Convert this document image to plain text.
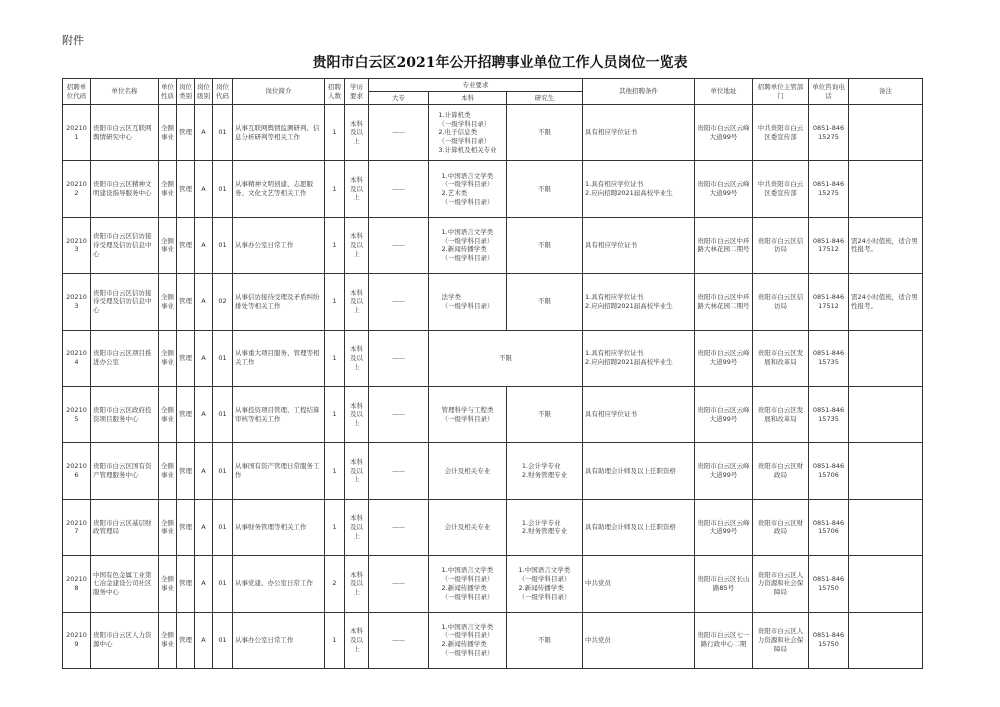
附件
贵阳市白云区2021年公开招聘事业单位工作人员岗位一览表
招聘单位代码	单位名称	单位性质	岗位类别	岗位级别	岗位代码	岗位简介	招聘人数	学历要求	专业要求			其他招聘条件	单位地址	招聘单位主管部门	单位咨询电话	备注
									大专	本科	研究生					
202101	贵阳市白云区互联网舆情研究中心	全额事业	管理	A	01	从事互联网舆情监测研判、信息分析研判等相关工作	1	本科及以上	——	1.计算机类
（一级学科目录）
2.电子信息类
（一级学科目录）
3.计算机及相关专业	不限	具有相应学位证书	贵阳市白云区云峰大道99号	中共贵阳市白云区委宣传部	0851-84615275	
202102	贵阳市白云区精神文明建设指导服务中心	全额事业	管理	A	01	从事精神文明创建、志愿服务、文化文艺等相关工作	1	本科及以上	——	1.中国语言文学类
（一级学科目录）
2.艺术类
（一级学科目录）	不限	1.具有相应学位证书
2.应向招聘2021届高校毕业生	贵阳市白云区云峰大道99号	中共贵阳市白云区委宣传部	0851-84615275	
202103	贵阳市白云区信访接待受理及信访信息中心	全额事业	管理	A	01	从事办公室日常工作	1	本科及以上	——	1.中国语言文学类
（一级学科目录）
2.新闻传播学类
（一级学科目录）	不限	具有相应学位证书	贵阳市白云区中环路大林花园二期号	贵阳市白云区信访局	0851-84617512	需24小时值班，适合男性报考。
202103	贵阳市白云区信访接待受理及信访信息中心	全额事业	管理	A	02	从事信访接待受理及矛盾纠纷排处等相关工作	1	本科及以上	——	法学类
（一级学科目录）	不限	1.具有相应学位证书
2.应向招聘2021届高校毕业生	贵阳市白云区中环路大林花园二期号	贵阳市白云区信访局	0851-84617512	需24小时值班，适合男性报考。
202104	贵阳市白云区项目推进办公室	全额事业	管理	A	01	从事重大项目服务、管理等相关工作	1	本科及以上	——	不限		1.具有相应学位证书
2.应向招聘2021届高校毕业生	贵阳市白云区云峰大道99号	贵阳市白云区发展和改革局	0851-84615735	
202105	贵阳市白云区政府投资项目服务中心	全额事业	管理	A	01	从事投资项目管理、工程结算审核等相关工作	1	本科及以上	——	管理科学与工程类
（一级学科目录）	不限	具有相应学位证书	贵阳市白云区云峰大道99号	贵阳市白云区发展和改革局	0851-84615735	
202106	贵阳市白云区国有资产管理服务中心	全额事业	管理	A	01	从事国有资产管理日常服务工作	1	本科及以上	——	会计及相关专业	1.会计学专业
2.财务管理专业	具有助理会计师及以上任职资格	贵阳市白云区云峰大道99号	贵阳市白云区财政局	0851-84615706	
202107	贵阳市白云区基层财政管理局	全额事业	管理	A	01	从事财务管理等相关工作	1	本科及以上	——	会计及相关专业	1.会计学专业
2.财务管理专业	具有助理会计师及以上任职资格	贵阳市白云区云峰大道99号	贵阳市白云区财政局	0851-84615706	
202108	中国有色金属工业第七冶金建设公司社区服务中心	全额事业	管理	A	01	从事党建、办公室日常工作	2	本科及以上	——	1.中国语言文学类
（一级学科目录）
2.新闻传播学类
（一级学科目录）	1.中国语言文学类
（一级学科目录）
2.新闻传播学类
（一级学科目录）	中共党员	贵阳市白云区长山路85号	贵阳市白云区人力资源和社会保障局	0851-84615750	
202109	贵阳市白云区人力资源中心	全额事业	管理	A	01	从事办公室日常工作	1	本科及以上	——	1.中国语言文学类
（一级学科目录）
2.新闻传播学类
（一级学科目录）	不限	中共党员	贵阳市白云区七一路行政中心二期	贵阳市白云区人力资源和社会保障局	0851-84615750	
